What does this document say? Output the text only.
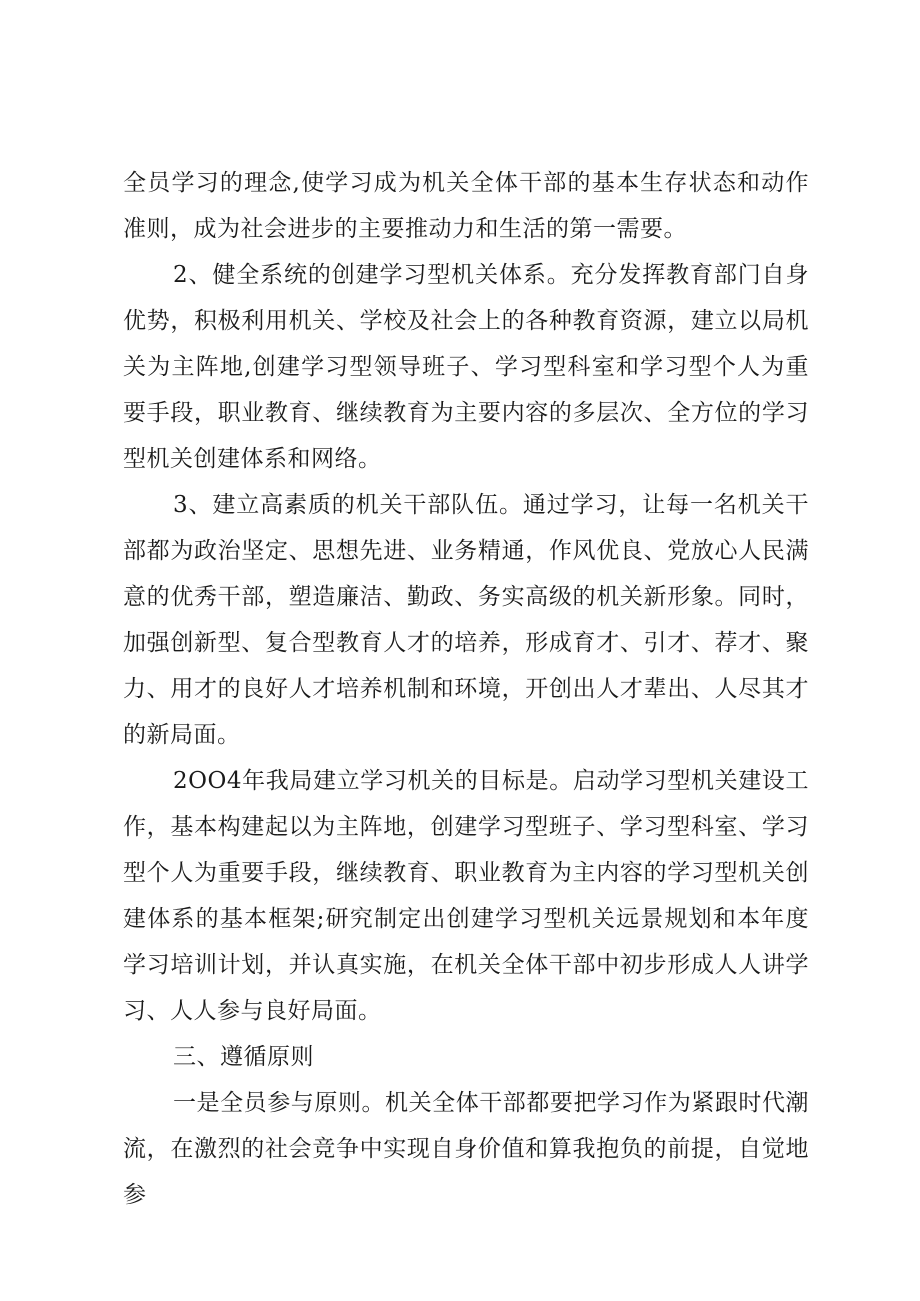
全员学习的理念,使学习成为机关全体干部的基本生存状态和动作准则，成为社会进步的主要推动力和生活的第一需要。

2、健全系统的创建学习型机关体系。充分发挥教育部门自身优势，积极利用机关、学校及社会上的各种教育资源，建立以局机关为主阵地,创建学习型领导班子、学习型科室和学习型个人为重要手段，职业教育、继续教育为主要内容的多层次、全方位的学习型机关创建体系和网络。

3、建立高素质的机关干部队伍。通过学习，让每一名机关干部都为政治坚定、思想先进、业务精通，作风优良、党放心人民满意的优秀干部，塑造廉洁、勤政、务实高级的机关新形象。同时，加强创新型、复合型教育人才的培养，形成育才、引才、荐才、聚力、用才的良好人才培养机制和环境，开创出人才辈出、人尽其才的新局面。

2OO4年我局建立学习机关的目标是。启动学习型机关建设工作，基本构建起以为主阵地，创建学习型班子、学习型科室、学习型个人为重要手段，继续教育、职业教育为主内容的学习型机关创建体系的基本框架;研究制定出创建学习型机关远景规划和本年度学习培训计划，并认真实施，在机关全体干部中初步形成人人讲学习、人人参与良好局面。

三、遵循原则

一是全员参与原则。机关全体干部都要把学习作为紧跟时代潮流，在激烈的社会竞争中实现自身价值和算我抱负的前提，自觉地参
